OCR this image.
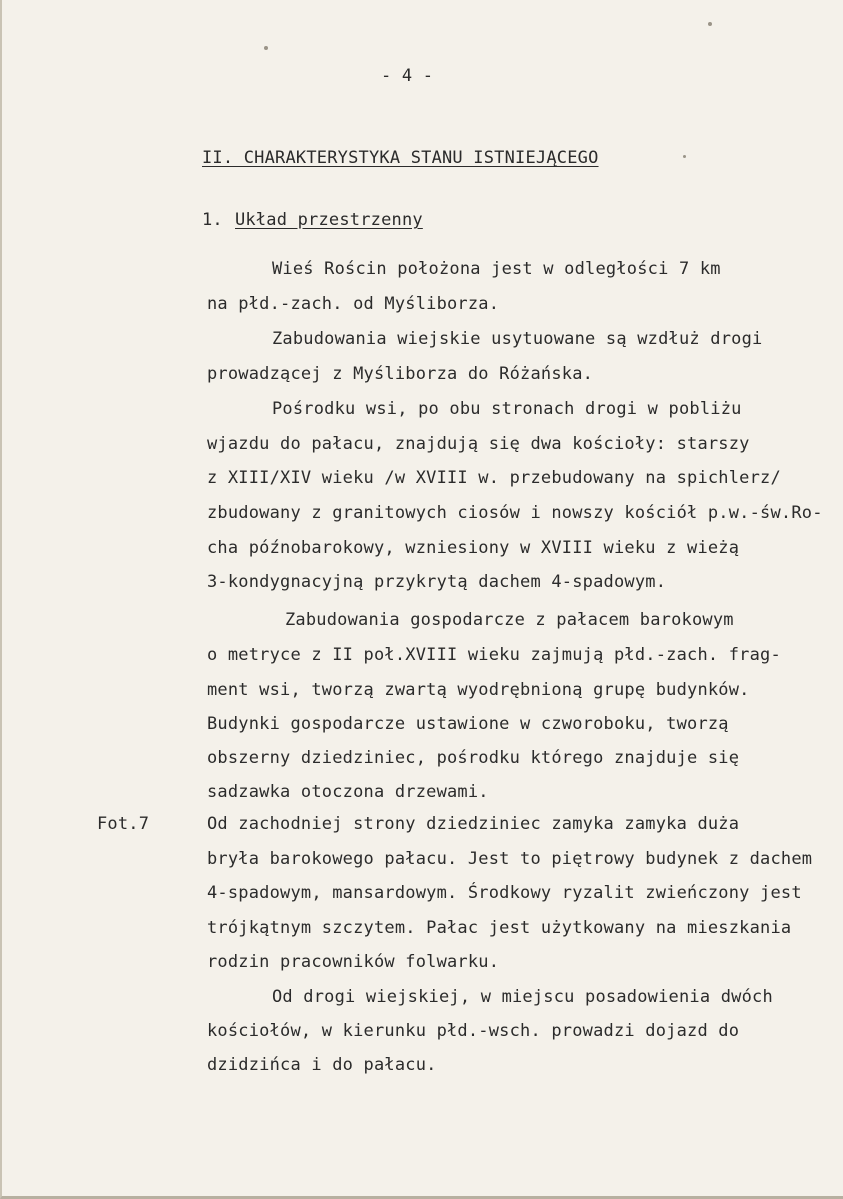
- 4 -
II. CHARAKTERYSTYKA STANU ISTNIEJĄCEGO
1. Układ przestrzenny
Fot.7
Wieś Rościn położona jest w odległości 7 km
na płd.-zach. od Myśliborza.
Zabudowania wiejskie usytuowane są wzdłuż drogi
prowadzącej z Myśliborza do Różańska.
Pośrodku wsi, po obu stronach drogi w pobliżu
wjazdu do pałacu, znajdują się dwa kościoły: starszy
z XIII/XIV wieku /w XVIII w. przebudowany na spichlerz/
zbudowany z granitowych ciosów i nowszy kościół p.w.-św.Ro-
cha późnobarokowy, wzniesiony w XVIII wieku z wieżą
3-kondygnacyjną przykrytą dachem 4-spadowym.
Zabudowania gospodarcze z pałacem barokowym
o metryce z II poł.XVIII wieku zajmują płd.-zach. frag-
ment wsi, tworzą zwartą wyodrębnioną grupę budynków.
Budynki gospodarcze ustawione w czworoboku, tworzą
obszerny dziedziniec, pośrodku którego znajduje się
sadzawka otoczona drzewami.
Od zachodniej strony dziedziniec zamyka zamyka duża
bryła barokowego pałacu. Jest to piętrowy budynek z dachem
4-spadowym, mansardowym. Środkowy ryzalit zwieńczony jest
trójkątnym szczytem. Pałac jest użytkowany na mieszkania
rodzin pracowników folwarku.
Od drogi wiejskiej, w miejscu posadowienia dwóch
kościołów, w kierunku płd.-wsch. prowadzi dojazd do
dzidzińca i do pałacu.
